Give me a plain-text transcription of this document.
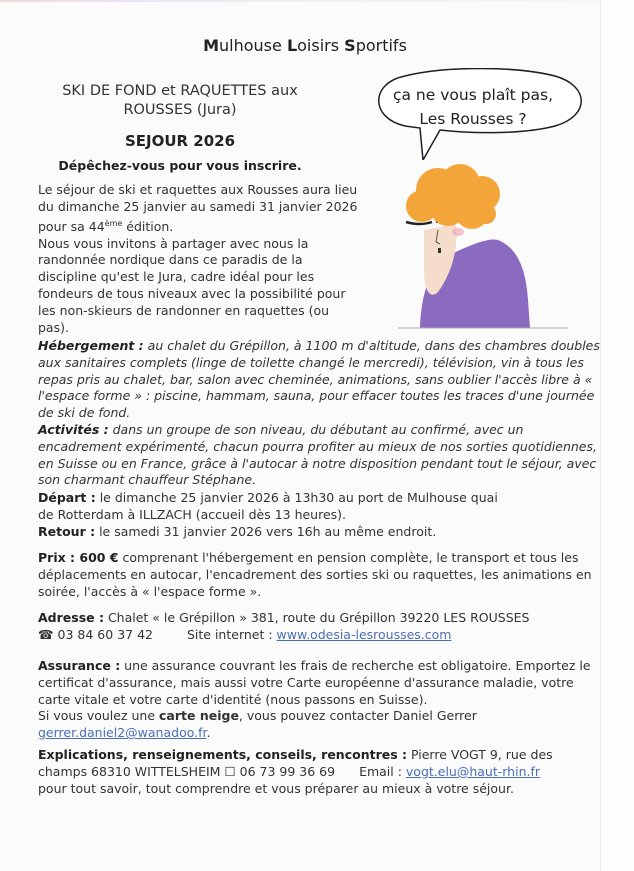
Mulhouse Loisirs Sportifs
SKI DE FOND et RAQUETTES aux
ROUSSES (Jura)
SEJOUR 2026
Dépêchez-vous pour vous inscrire.
ça ne vous plaît pas,
Les Rousses ?
Le séjour de ski et raquettes aux Rousses aura lieu du dimanche 25 janvier au samedi 31 janvier 2026 pour sa 44ème édition.
Nous vous invitons à partager avec nous la randonnée nordique dans ce paradis de la discipline qu'est le Jura, cadre idéal pour les fondeurs de tous niveaux avec la possibilité pour les non-skieurs de randonner en raquettes (ou pas).
Hébergement : au chalet du Grépillon, à 1100 m d'altitude, dans des chambres doubles aux sanitaires complets (linge de toilette changé le mercredi), télévision, vin à tous les repas pris au chalet, bar, salon avec cheminée, animations, sans oublier l'accès libre à « l'espace forme » : piscine, hammam, sauna, pour effacer toutes les traces d'une journée de ski de fond.
Activités : dans un groupe de son niveau, du débutant au confirmé, avec un encadrement expérimenté, chacun pourra profiter au mieux de nos sorties quotidiennes, en Suisse ou en France, grâce à l'autocar à notre disposition pendant tout le séjour, avec son charmant chauffeur Stéphane.
Départ : le dimanche 25 janvier 2026 à 13h30 au port de Mulhouse quai de Rotterdam à ILLZACH (accueil dès 13 heures).
Retour : le samedi 31 janvier 2026 vers 16h au même endroit.
Prix : 600 € comprenant l'hébergement en pension complète, le transport et tous les déplacements en autocar, l'encadrement des sorties ski ou raquettes, les animations en soirée, l'accès à « l'espace forme ».
Adresse : Chalet « le Grépillon » 381, route du Grépillon 39220 LES ROUSSES
☎ 03 84 60 37 42	Site internet : www.odesia-lesrousses.com
Assurance : une assurance couvrant les frais de recherche est obligatoire. Emportez le certificat d'assurance, mais aussi votre Carte européenne d'assurance maladie, votre carte vitale et votre carte d'identité (nous passons en Suisse).
Si vous voulez une carte neige, vous pouvez contacter Daniel Gerrer
gerrer.daniel2@wanadoo.fr.
Explications, renseignements, conseils, rencontres : Pierre VOGT 9, rue des champs 68310 WITTELSHEIM ☐ 06 73 99 36 69 Email : vogt.elu@haut-rhin.fr
pour tout savoir, tout comprendre et vous préparer au mieux à votre séjour.
